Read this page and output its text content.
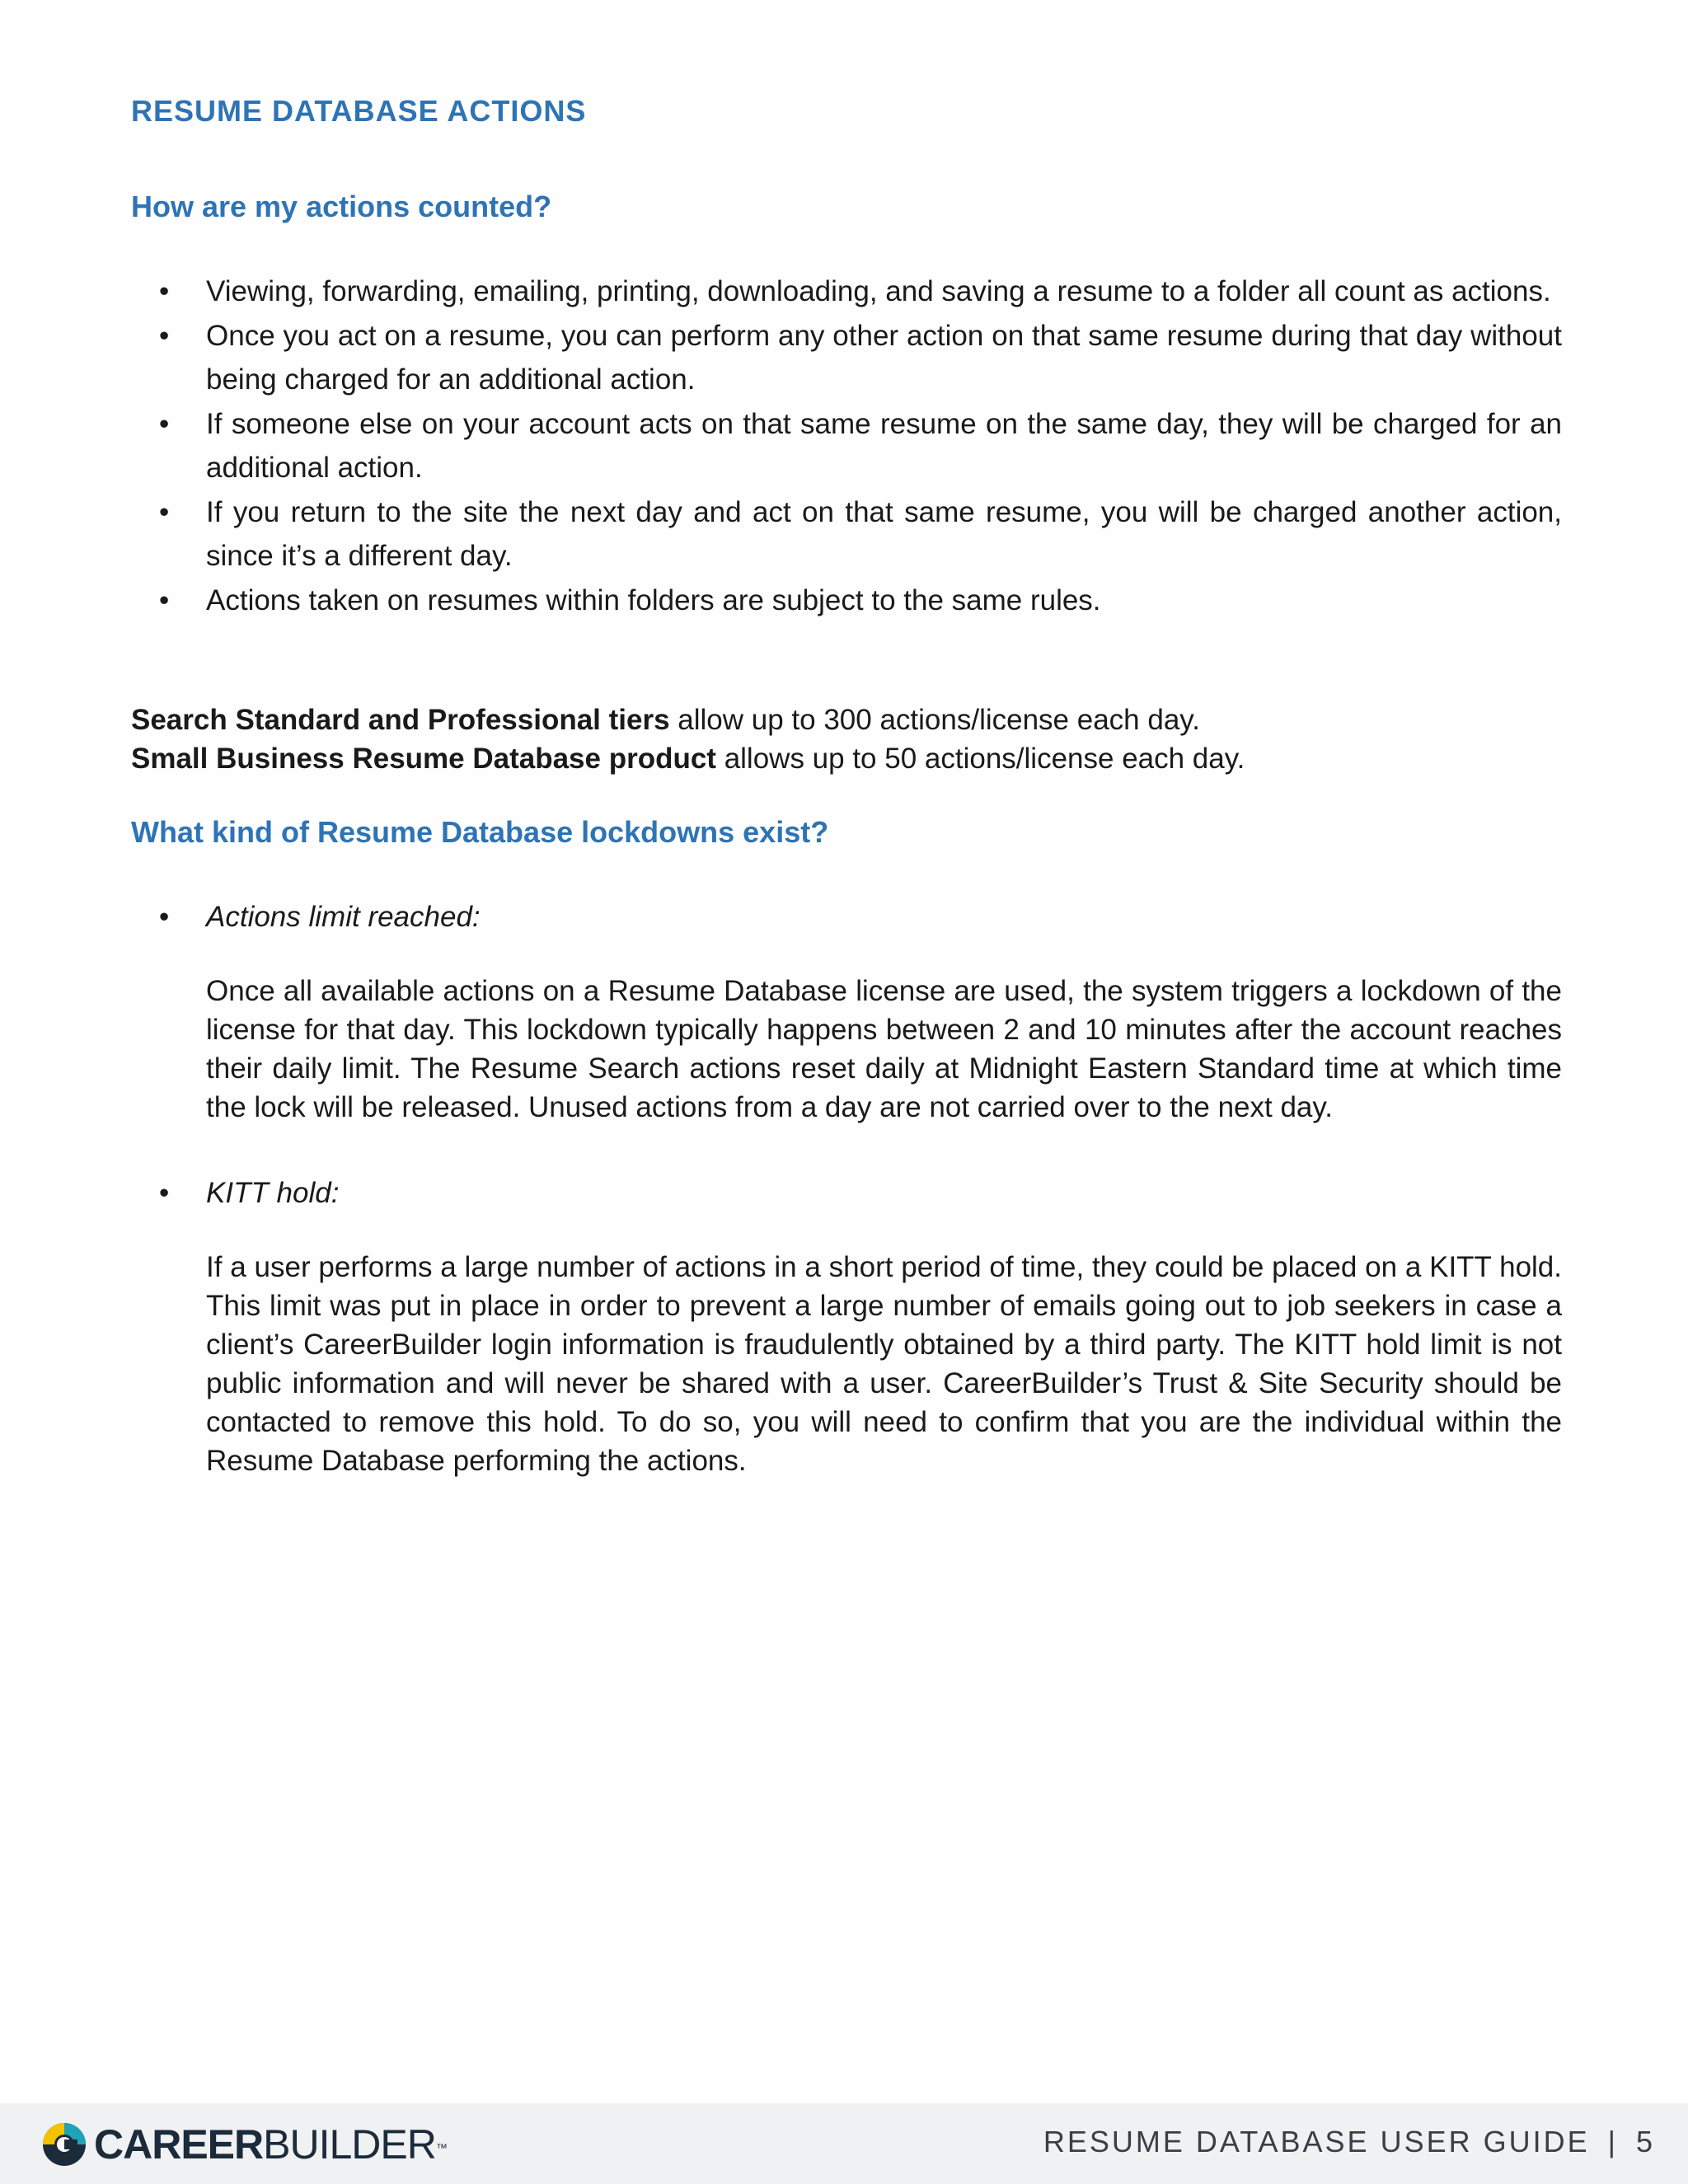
RESUME DATABASE ACTIONS
How are my actions counted?
• Viewing, forwarding, emailing, printing, downloading, and saving a resume to a folder all count as actions.
• Once you act on a resume, you can perform any other action on that same resume during that day without being charged for an additional action.
• If someone else on your account acts on that same resume on the same day, they will be charged for an additional action.
• If you return to the site the next day and act on that same resume, you will be charged another action, since it’s a different day.
• Actions taken on resumes within folders are subject to the same rules.

Search Standard and Professional tiers allow up to 300 actions/license each day.

Small Business Resume Database product allows up to 50 actions/license each day.

What kind of Resume Database lockdowns exist?
• Actions limit reached:

Once all available actions on a Resume Database license are used, the system triggers a lockdown of the license for that day. This lockdown typically happens between 2 and 10 minutes after the account reaches their daily limit. The Resume Search actions reset daily at Midnight Eastern Standard time at which time the lock will be released. Unused actions from a day are not carried over to the next day.

• KITT hold:

If a user performs a large number of actions in a short period of time, they could be placed on a KITT hold. This limit was put in place in order to prevent a large number of emails going out to job seekers in case a client’s CareerBuilder login information is fraudulently obtained by a third party. The KITT hold limit is not public information and will never be shared with a user. CareerBuilder’s Trust & Site Security should be contacted to remove this hold. To do so, you will need to confirm that you are the individual within the Resume Database performing the actions.

CAREERBUILDER™	RESUME DATABASE USER GUIDE | 5
